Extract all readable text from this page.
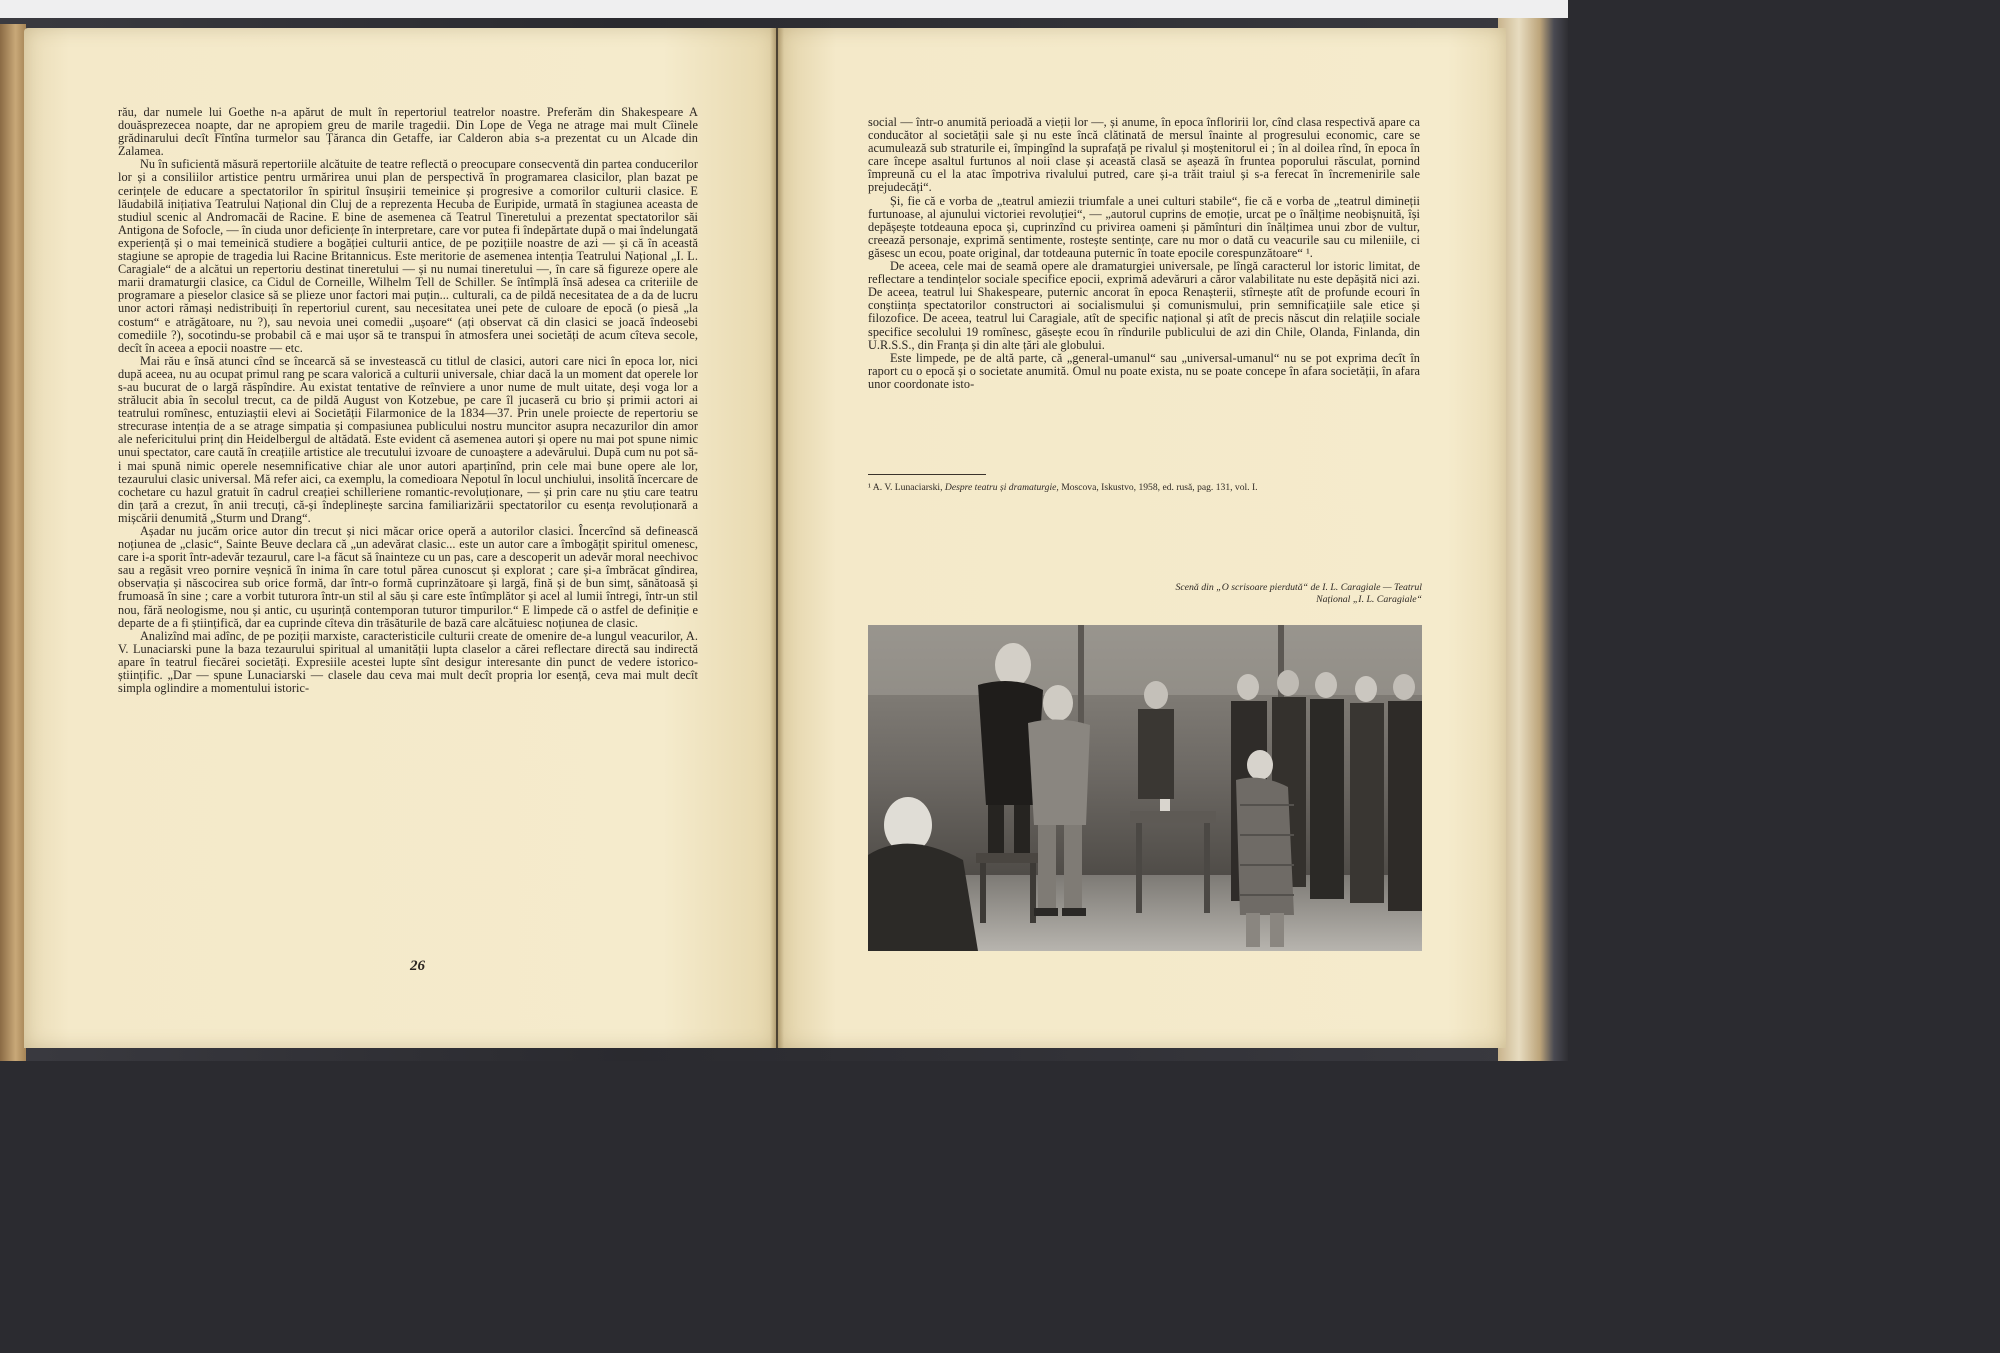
rău, dar numele lui Goethe n-a apărut de mult în repertoriul teatrelor noastre. Preferăm din Shakespeare A douăsprezecea noapte, dar ne apropiem greu de marile tragedii. Din Lope de Vega ne atrage mai mult Cîinele grădinarului decît Fîntîna turmelor sau Țăranca din Getaffe, iar Calderon abia s-a prezentat cu un Alcade din Zalamea.

Nu în suficientă măsură repertoriile alcătuite de teatre reflectă o preocupare consecventă din partea conducerilor lor și a consiliilor artistice pentru urmărirea unui plan de perspectivă în programarea clasicilor, plan bazat pe cerințele de educare a spectatorilor în spiritul însușirii temeinice și progresive a comorilor culturii clasice. E lăudabilă inițiativa Teatrului Național din Cluj de a reprezenta Hecuba de Euripide, urmată în stagiunea aceasta de studiul scenic al Andromacăi de Racine. E bine de asemenea că Teatrul Tineretului a prezentat spectatorilor săi Antigona de Sofocle, — în ciuda unor deficiențe în interpretare, care vor putea fi îndepărtate după o mai îndelungată experiență și o mai temeinică studiere a bogăției culturii antice, de pe pozițiile noastre de azi — și că în această stagiune se apropie de tragedia lui Racine Britannicus. Este meritorie de asemenea intenția Teatrului Național „I. L. Caragiale“ de a alcătui un repertoriu destinat tineretului — și nu numai tineretului —, în care să figureze opere ale marii dramaturgii clasice, ca Cidul de Corneille, Wilhelm Tell de Schiller. Se întîmplă însă adesea ca criteriile de programare a pieselor clasice să se plieze unor factori mai puțin... culturali, ca de pildă necesitatea de a da de lucru unor actori rămași nedistribuiți în repertoriul curent, sau necesitatea unei pete de culoare de epocă (o piesă „la costum“ e atrăgătoare, nu ?), sau nevoia unei comedii „ușoare“ (ați observat că din clasici se joacă îndeosebi comediile ?), socotindu-se probabil că e mai ușor să te transpui în atmosfera unei societăți de acum cîteva secole, decît în aceea a epocii noastre — etc.

Mai rău e însă atunci cînd se încearcă să se investească cu titlul de clasici, autori care nici în epoca lor, nici după aceea, nu au ocupat primul rang pe scara valorică a culturii universale, chiar dacă la un moment dat operele lor s-au bucurat de o largă răspîndire. Au existat tentative de reînviere a unor nume de mult uitate, deși voga lor a strălucit abia în secolul trecut, ca de pildă August von Kotzebue, pe care îl jucaseră cu brio și primii actori ai teatrului romînesc, entuziaștii elevi ai Societății Filarmonice de la 1834—37. Prin unele proiecte de repertoriu se strecurase intenția de a se atrage simpatia și compasiunea publicului nostru muncitor asupra necazurilor din amor ale nefericitului prinț din Heidelbergul de altădată. Este evident că asemenea autori și opere nu mai pot spune nimic unui spectator, care caută în creațiile artistice ale trecutului izvoare de cunoaștere a adevărului. După cum nu pot să-i mai spună nimic operele nesemnificative chiar ale unor autori aparținînd, prin cele mai bune opere ale lor, tezaurului clasic universal. Mă refer aici, ca exemplu, la comedioara Nepotul în locul unchiului, insolită încercare de cochetare cu hazul gratuit în cadrul creației schilleriene romantic-revoluționare, — și prin care nu știu care teatru din țară a crezut, în anii trecuți, că-și îndeplinește sarcina familiarizării spectatorilor cu esența revoluționară a mișcării denumită „Sturm und Drang“.

Așadar nu jucăm orice autor din trecut și nici măcar orice operă a autorilor clasici. Încercînd să definească noțiunea de „clasic“, Sainte Beuve declara că „un adevărat clasic... este un autor care a îmbogățit spiritul omenesc, care i-a sporit într-adevăr tezaurul, care l-a făcut să înainteze cu un pas, care a descoperit un adevăr moral neechivoc sau a regăsit vreo pornire veșnică în inima în care totul părea cunoscut și explorat ; care și-a îmbrăcat gîndirea, observația și născocirea sub orice formă, dar într-o formă cuprinzătoare și largă, fină și de bun simț, sănătoasă și frumoasă în sine ; care a vorbit tuturora într-un stil al său și care este întîmplător și acel al lumii întregi, într-un stil nou, fără neologisme, nou și antic, cu ușurință contemporan tuturor timpurilor.“ E limpede că o astfel de definiție e departe de a fi științifică, dar ea cuprinde cîteva din trăsăturile de bază care alcătuiesc noțiunea de clasic.

Analizînd mai adînc, de pe poziții marxiste, caracteristicile culturii create de omenire de-a lungul veacurilor, A. V. Lunaciarski pune la baza tezaurului spiritual al umanității lupta claselor a cărei reflectare directă sau indirectă apare în teatrul fiecărei societăți. Expresiile acestei lupte sînt desigur interesante din punct de vedere istorico-științific. „Dar — spune Lunaciarski — clasele dau ceva mai mult decît propria lor esență, ceva mai mult decît simpla oglindire a momentului istoric-

26

social — într-o anumită perioadă a vieții lor —, și anume, în epoca înfloririi lor, cînd clasa respectivă apare ca conducător al societății sale și nu este încă clătinată de mersul înainte al progresului economic, care se acumulează sub straturile ei, împingînd la suprafață pe rivalul și moștenitorul ei ; în al doilea rînd, în epoca în care începe asaltul furtunos al noii clase și această clasă se așează în fruntea poporului răsculat, pornind împreună cu el la atac împotriva rivalului putred, care și-a trăit traiul și s-a ferecat în încremenirile sale prejudecăți“.

Și, fie că e vorba de „teatrul amiezii triumfale a unei culturi stabile“, fie că e vorba de „teatrul dimineții furtunoase, al ajunului victoriei revoluției“, — „autorul cuprins de emoție, urcat pe o înălțime neobișnuită, își depășește totdeauna epoca și, cuprinzînd cu privirea oameni și pămînturi din înălțimea unui zbor de vultur, creează personaje, exprimă sentimente, rostește sentințe, care nu mor o dată cu veacurile sau cu mileniile, ci găsesc un ecou, poate original, dar totdeauna puternic în toate epocile corespunzătoare“ ¹.

De aceea, cele mai de seamă opere ale dramaturgiei universale, pe lîngă caracterul lor istoric limitat, de reflectare a tendințelor sociale specifice epocii, exprimă adevăruri a căror valabilitate nu este depășită nici azi. De aceea, teatrul lui Shakespeare, puternic ancorat în epoca Renașterii, stîrnește atît de profunde ecouri în conștiința spectatorilor constructori ai socialismului și comunismului, prin semnificațiile sale etice și filozofice. De aceea, teatrul lui Caragiale, atît de specific național și atît de precis născut din relațiile sociale specifice secolului 19 romînesc, găsește ecou în rîndurile publicului de azi din Chile, Olanda, Finlanda, din U.R.S.S., din Franța și din alte țări ale globului.

Este limpede, pe de altă parte, că „general-umanul“ sau „universal-umanul“ nu se pot exprima decît în raport cu o epocă și o societate anumită. Omul nu poate exista, nu se poate concepe în afara societății, în afara unor coordonate isto-

¹ A. V. Lunaciarski, Despre teatru și dramaturgie, Moscova, Iskustvo, 1958, ed. rusă, pag. 131, vol. I.
Scenă din „O scrisoare pierdută“ de I. L. Caragiale — Teatrul
Național „I. L. Caragiale“
